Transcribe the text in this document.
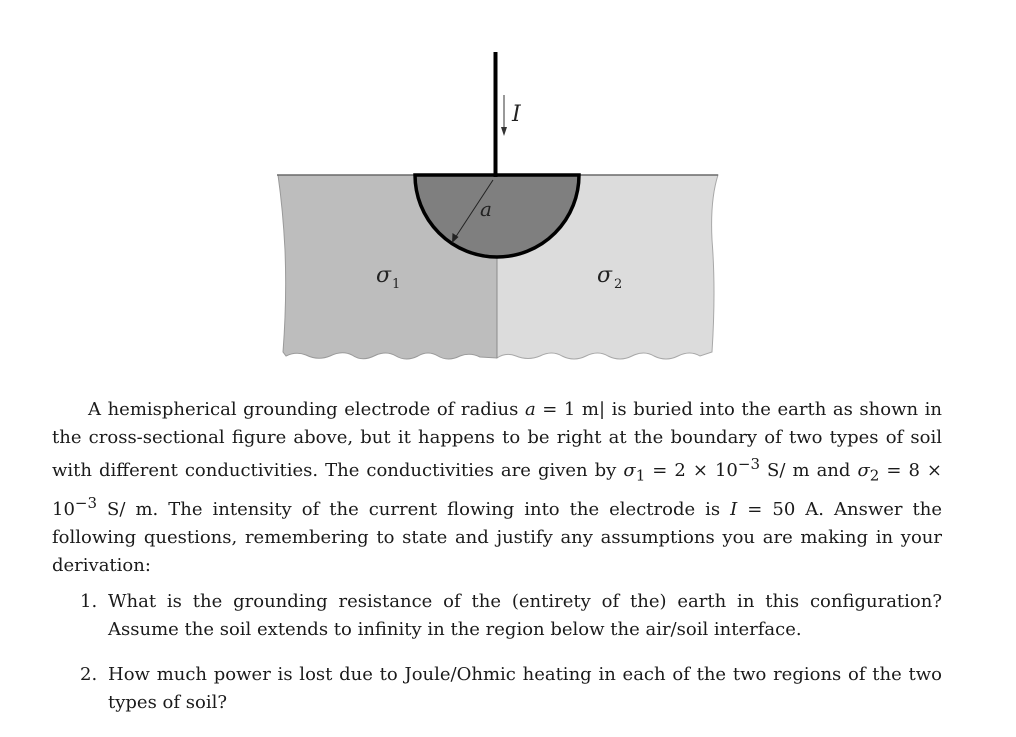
I
a
σ 1	σ 2

A hemispherical grounding electrode of radius a = 1 m| is buried into the earth as shown in the cross-sectional figure above, but it happens to be right at the boundary of two types of soil with different conductivities. The conductivities are given by $\sigma_1 = 2 \times 10^{-3}$ S/ m and $\sigma_2 = 8 \times 10^{-3}$ S/ m. The intensity of the current flowing into the electrode is I = 50 A. Answer the following questions, remembering to state and justify any assumptions you are making in your derivation:

1. What is the grounding resistance of the (entirety of the) earth in this configuration? Assume the soil extends to infinity in the region below the air/soil interface.
2. How much power is lost due to Joule/Ohmic heating in each of the two regions of the two types of soil?
